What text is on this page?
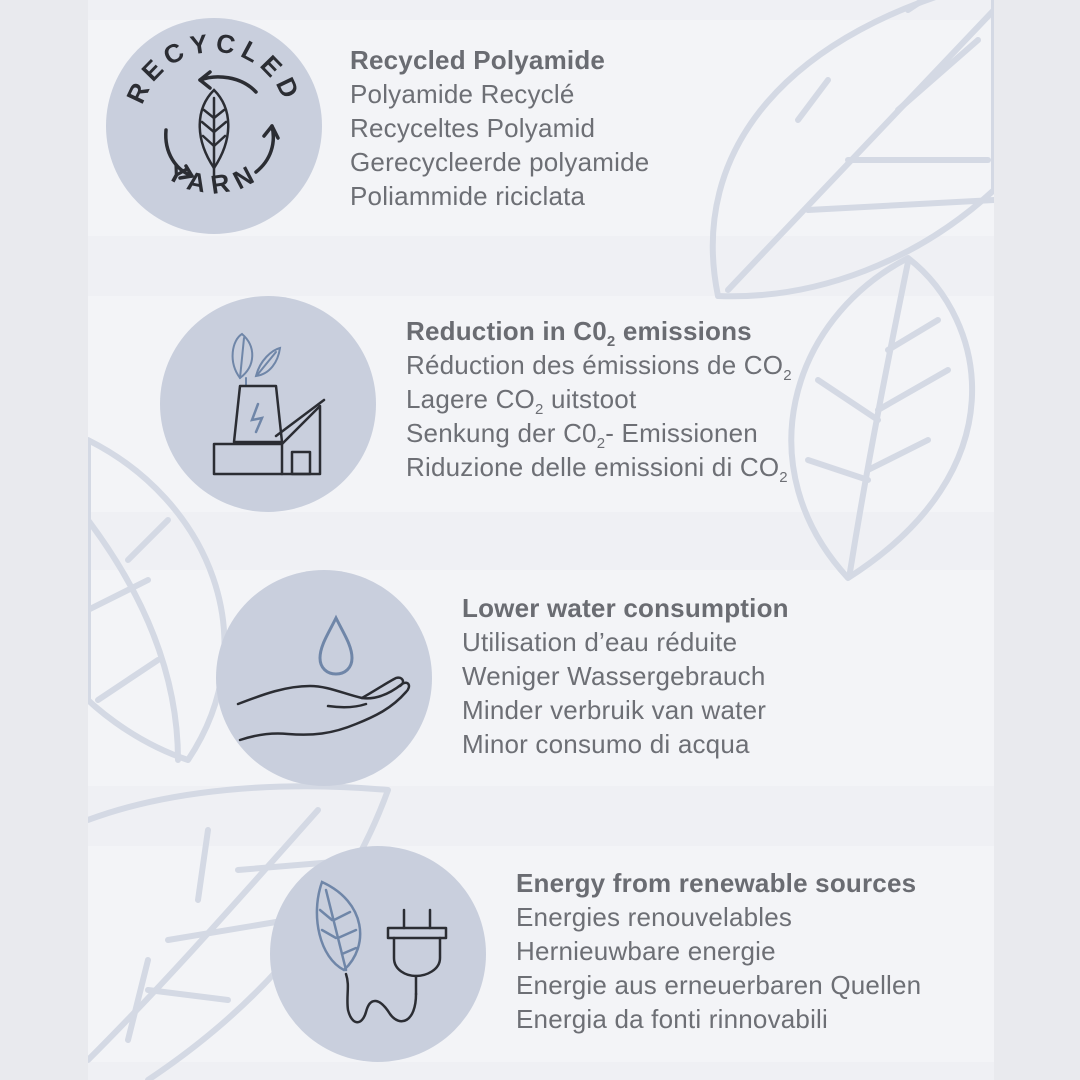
RECYCLED
YARN
Recycled Polyamide
Polyamide Recyclé
Recyceltes Polyamid
Gerecycleerde polyamide
Poliammide riciclata
Reduction in $C0_2$ emissions
Réduction des émissions de $CO_2$
Lagere $CO_2$ uitstoot
Senkung der $C0_2-$ Emissionen
Riduzione delle emissioni di $CO_2$
Lower water consumption
Utilisation d’eau réduite
Weniger Wassergebrauch
Minder verbruik van water
Minor consumo di acqua
Energy from renewable sources
Energies renouvelables
Hernieuwbare energie
Energie aus erneuerbaren Quellen
Energia da fonti rinnovabili
